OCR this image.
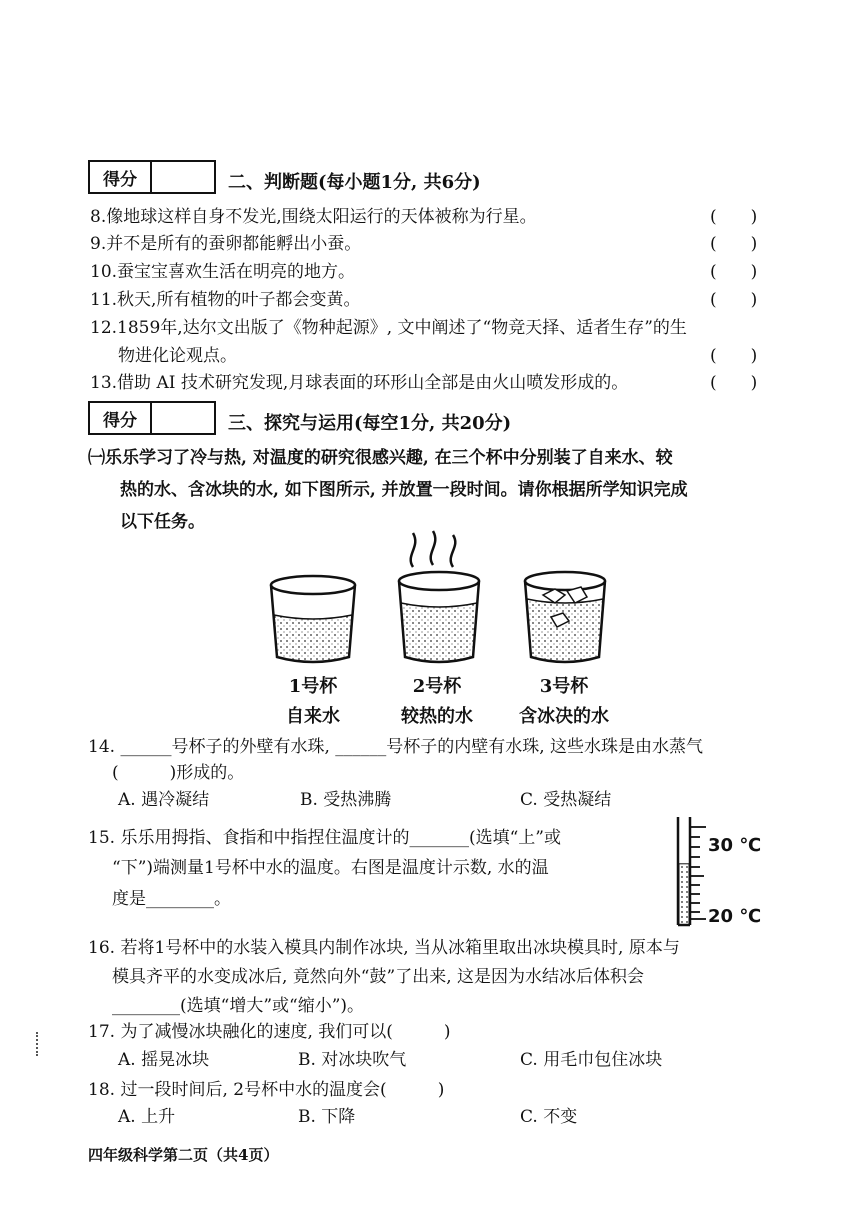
得分	二、判断题(每小题1分, 共6分)
8.像地球这样自身不发光,围绕太阳运行的天体被称为行星。	(　　)
9.并不是所有的蚕卵都能孵出小蚕。	(　　)
10.蚕宝宝喜欢生活在明亮的地方。	(　　)
11.秋天,所有植物的叶子都会变黄。	(　　)
12.1859年,达尔文出版了《物种起源》, 文中阐述了“物竞天择、适者生存”的生
物进化论观点。	(　　)
13.借助 AI 技术研究发现,月球表面的环形山全部是由火山喷发形成的。	(　　)
得分	三、探究与运用(每空1分, 共20分)
㈠乐乐学习了冷与热, 对温度的研究很感兴趣, 在三个杯中分别装了自来水、较
热的水、含冰块的水, 如下图所示, 并放置一段时间。请你根据所学知识完成
以下任务。
1号杯
自来水
2号杯
较热的水
3号杯
含冰决的水
14. ______号杯子的外壁有水珠, ______号杯子的内壁有水珠, 这些水珠是由水蒸气
(　　　)形成的。
A. 遇冷凝结	B. 受热沸腾	C. 受热凝结
15. 乐乐用拇指、食指和中指捏住温度计的_______(选填“上”或
“下”)端测量1号杯中水的温度。右图是温度计示数, 水的温
度是________。
30 ℃
20 ℃
16. 若将1号杯中的水装入模具内制作冰块, 当从冰箱里取出冰块模具时, 原本与
模具齐平的水变成冰后, 竟然向外“鼓”了出来, 这是因为水结冰后体积会
________(选填“增大”或“缩小”)。
17. 为了减慢冰块融化的速度, 我们可以(　　　)
A. 摇晃冰块	B. 对冰块吹气	C. 用毛巾包住冰块
18. 过一段时间后, 2号杯中水的温度会(　　　)
A. 上升	B. 下降	C. 不变
四年级科学第二页（共4页）
